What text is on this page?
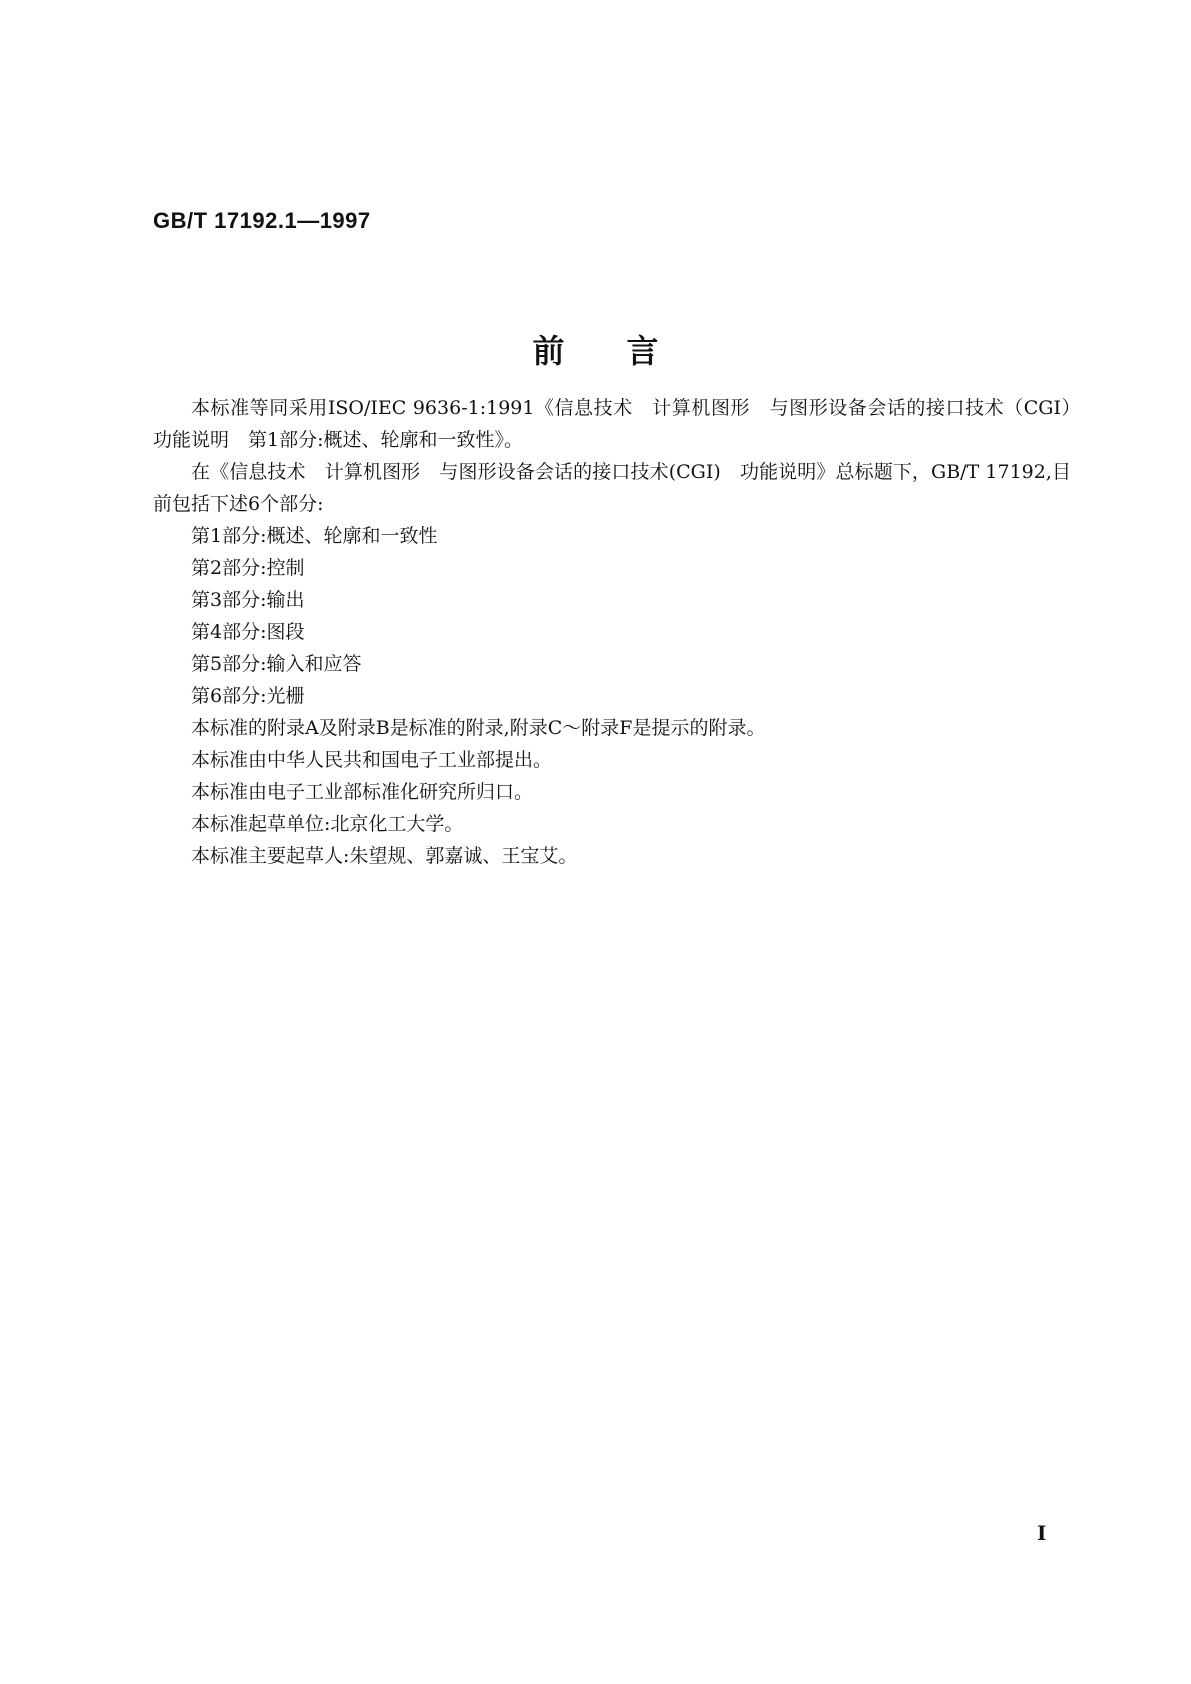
GB/T 17192.1—1997
前言

本标准等同采用ISO/IEC 9636-1:1991《信息技术　计算机图形　与图形设备会话的接口技术（CGI）　功能说明　第1部分:概述、轮廓和一致性》。

在《信息技术　计算机图形　与图形设备会话的接口技术(CGI)　功能说明》总标题下，GB/T 17192,目前包括下述6个部分:

第1部分:概述、轮廓和一致性

第2部分:控制

第3部分:输出

第4部分:图段

第5部分:输入和应答

第6部分:光栅

本标准的附录A及附录B是标准的附录,附录C～附录F是提示的附录。

本标准由中华人民共和国电子工业部提出。

本标准由电子工业部标准化研究所归口。

本标准起草单位:北京化工大学。

本标准主要起草人:朱望规、郭嘉诚、王宝艾。

I
